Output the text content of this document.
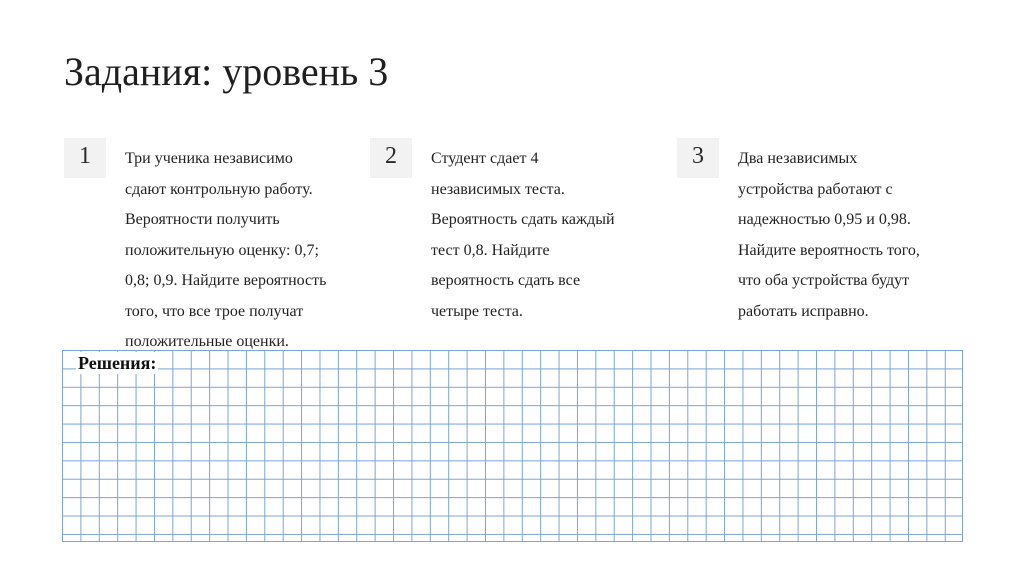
Задания: уровень 3
1	Три ученика независимо
сдают контрольную работу.
Вероятности получить
положительную оценку: 0,7;
0,8; 0,9. Найдите вероятность
того, что все трое получат
положительные оценки.
2	Студент сдает 4
независимых теста.
Вероятность сдать каждый
тест 0,8. Найдите
вероятность сдать все
четыре теста.
3	Два независимых
устройства работают с
надежностью 0,95 и 0,98.
Найдите вероятность того,
что оба устройства будут
работать исправно.
Решения:
